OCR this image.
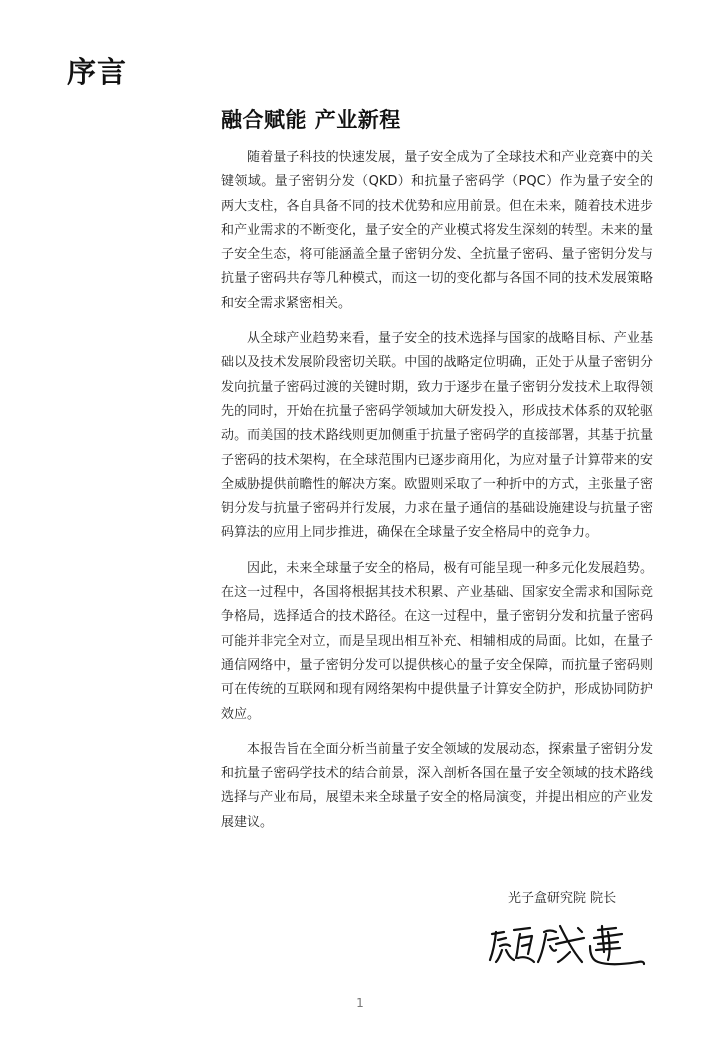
序言
融合赋能 产业新程

随着量子科技的快速发展，量子安全成为了全球技术和产业竞赛中的关键领域。量子密钥分发（QKD）和抗量子密码学（PQC）作为量子安全的两大支柱，各自具备不同的技术优势和应用前景。但在未来，随着技术进步和产业需求的不断变化，量子安全的产业模式将发生深刻的转型。未来的量子安全生态，将可能涵盖全量子密钥分发、全抗量子密码、量子密钥分发与抗量子密码共存等几种模式，而这一切的变化都与各国不同的技术发展策略和安全需求紧密相关。

从全球产业趋势来看，量子安全的技术选择与国家的战略目标、产业基础以及技术发展阶段密切关联。中国的战略定位明确，正处于从量子密钥分发向抗量子密码过渡的关键时期，致力于逐步在量子密钥分发技术上取得领先的同时，开始在抗量子密码学领域加大研发投入，形成技术体系的双轮驱动。而美国的技术路线则更加侧重于抗量子密码学的直接部署，其基于抗量子密码的技术架构，在全球范围内已逐步商用化，为应对量子计算带来的安全威胁提供前瞻性的解决方案。欧盟则采取了一种折中的方式，主张量子密钥分发与抗量子密码并行发展，力求在量子通信的基础设施建设与抗量子密码算法的应用上同步推进，确保在全球量子安全格局中的竞争力。

因此，未来全球量子安全的格局，极有可能呈现一种多元化发展趋势。在这一过程中，各国将根据其技术积累、产业基础、国家安全需求和国际竞争格局，选择适合的技术路径。在这一过程中，量子密钥分发和抗量子密码可能并非完全对立，而是呈现出相互补充、相辅相成的局面。比如，在量子通信网络中，量子密钥分发可以提供核心的量子安全保障，而抗量子密码则可在传统的互联网和现有网络架构中提供量子计算安全防护，形成协同防护效应。

本报告旨在全面分析当前量子安全领域的发展动态，探索量子密钥分发和抗量子密码学技术的结合前景，深入剖析各国在量子安全领域的技术路线选择与产业布局，展望未来全球量子安全的格局演变，并提出相应的产业发展建议。

光子盒研究院 院长
1
